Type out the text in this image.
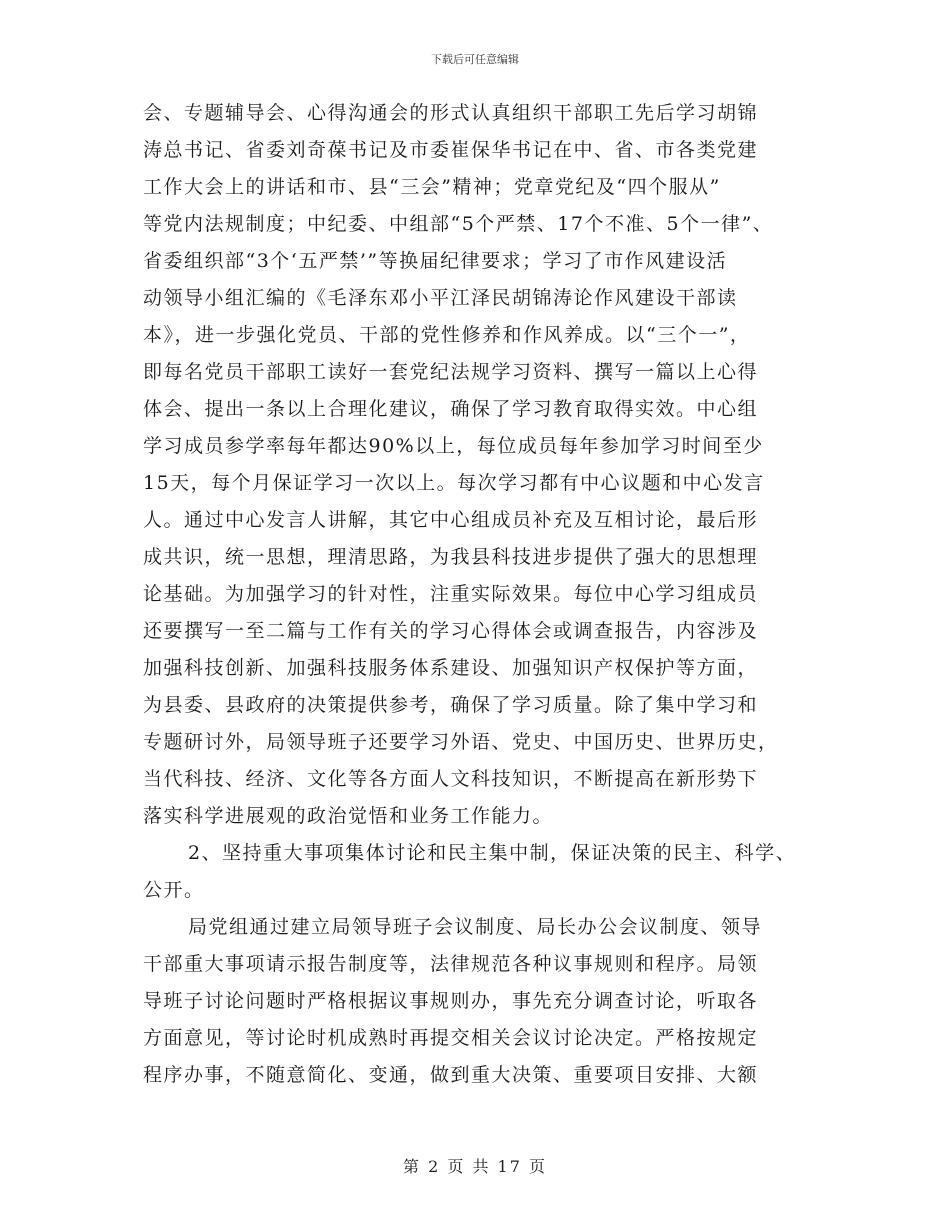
下载后可任意编辑
会、专题辅导会、心得沟通会的形式认真组织干部职工先后学习胡锦
涛总书记、省委刘奇葆书记及市委崔保华书记在中、省、市各类党建
工作大会上的讲话和市、县“三会”精神；党章党纪及“四个服从”
等党内法规制度；中纪委、中组部“5个严禁、17个不准、5个一律”、
省委组织部“3个‘五严禁’”等换届纪律要求；学习了市作风建设活
动领导小组汇编的《毛泽东邓小平江泽民胡锦涛论作风建设干部读
本》，进一步强化党员、干部的党性修养和作风养成。以“三个一”，
即每名党员干部职工读好一套党纪法规学习资料、撰写一篇以上心得
体会、提出一条以上合理化建议，确保了学习教育取得实效。中心组
学习成员参学率每年都达90%以上，每位成员每年参加学习时间至少
15天，每个月保证学习一次以上。每次学习都有中心议题和中心发言
人。通过中心发言人讲解，其它中心组成员补充及互相讨论，最后形
成共识，统一思想，理清思路，为我县科技进步提供了强大的思想理
论基础。为加强学习的针对性，注重实际效果。每位中心学习组成员
还要撰写一至二篇与工作有关的学习心得体会或调查报告，内容涉及
加强科技创新、加强科技服务体系建设、加强知识产权保护等方面，
为县委、县政府的决策提供参考，确保了学习质量。除了集中学习和
专题研讨外，局领导班子还要学习外语、党史、中国历史、世界历史，
当代科技、经济、文化等各方面人文科技知识，不断提高在新形势下
落实科学进展观的政治觉悟和业务工作能力。
2、坚持重大事项集体讨论和民主集中制，保证决策的民主、科学、
公开。
局党组通过建立局领导班子会议制度、局长办公会议制度、领导
干部重大事项请示报告制度等，法律规范各种议事规则和程序。局领
导班子讨论问题时严格根据议事规则办，事先充分调查讨论，听取各
方面意见，等讨论时机成熟时再提交相关会议讨论决定。严格按规定
程序办事，不随意简化、变通，做到重大决策、重要项目安排、大额
第 2 页 共 17 页
